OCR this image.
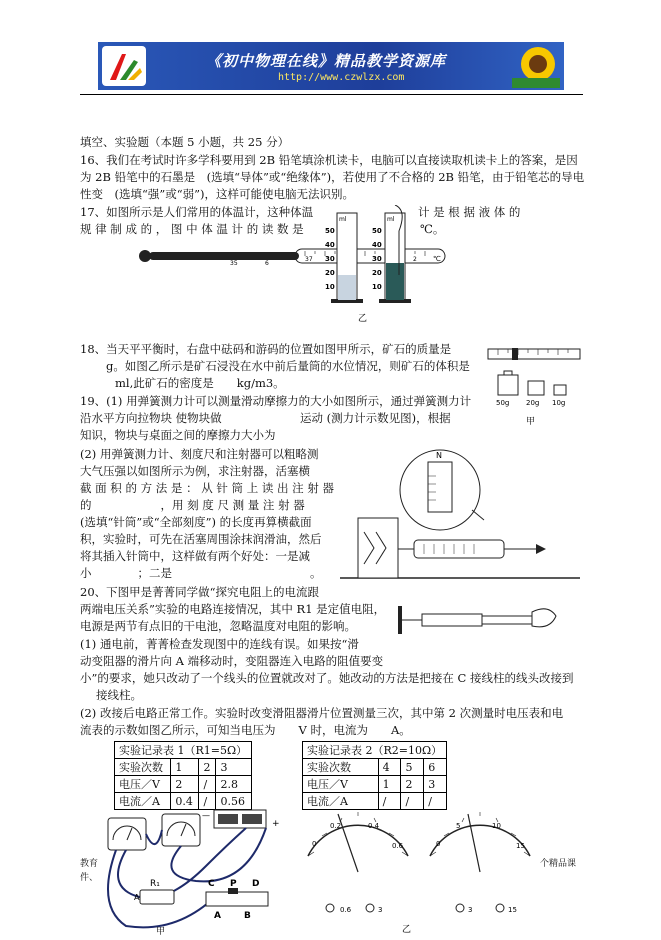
《初中物理在线》精品教学资源库
http://www.czwlzx.com
填空、实验题（本题 5 小题，共 25 分）
16、我们在考试时许多学科要用到 2B 铅笔填涂机读卡，电脑可以直接读取机读卡上的答案，是因
为 2B 铅笔中的石墨是　(选填“导体”或“绝缘体”)，若使用了不合格的 2B 铅笔，由于铅笔芯的导电
性变　(选填“强”或“弱”)，这样可能使电脑无法识别。
17、如图所示是人们常用的体温计，这种体温	计 是 根 据 液 体 的
规 律 制 成 的 ， 图 中 体 温 计 的 读 数 是	℃。
35	6
37	2 ℃
ml	ml
50
40
30
20
10
50
40
30
20
10
乙
18、当天平平衡时，右盘中砝码和游码的位置如图甲所示，矿石的质量是
g。如图乙所示是矿石浸没在水中前后量筒的水位情况，则矿石的体积是
ml,此矿石的密度是　　kg/m3。
50g 20g 10g
甲
19、(1) 用弹簧测力计可以测量滑动摩擦力的大小如图所示，通过弹簧测力计
沿水平方向拉物块 使物块做	运动 (测力计示数见图)，根据
知识，物块与桌面之间的摩擦力大小为
(2) 用弹簧测力计、刻度尺和注射器可以粗略测
大气压强以如图所示为例，求注射器，活塞横
截 面 积 的 方 法 是 ： 从 针 筒 上 读 出 注 射 器
的　　　　　　，用 刻 度 尺 测 量 注 射 器
(选填“针筒”或“全部刻度”) 的长度再算横截面
积，实验时，可先在活塞周围涂抹润滑油，然后
将其插入针筒中，这样做有两个好处：一是减
小　　　　；二是　　　　　　　　　　　　。
N
20、下图甲是菁菁同学做“探究电阻上的电流跟
两端电压关系”实验的电路连接情况，其中 R1 是定值电阻，
电源是两节有点旧的干电池，忽略温度对电阻的影响。
(1) 通电前，菁菁检查发现图中的连线有误。如果按“滑
动变阻器的滑片向 A 端移动时，变阻器连入电路的阻值要变
小”的要求，她只改动了一个线头的位置就改对了。她改动的方法是把接在 C 接线柱的线头改接到
接线柱。
(2) 改接后电路正常工作。实验时改变滑阻器滑片位置测量三次，其中第 2 次测量时电压表和电
流表的示数如图乙所示，可知当电压为　　V 时，电流为　　A。
实验记录表 1（R1=5Ω）			
实验次数	1	2	3
电压／V	2	/	2.8
电流／A	0.4	/	0.56
实验记录表 2（R2=10Ω）			
实验次数	4	5	6
电压／V	1	2	3
电流／A	/	/	/
+
—
R₁
A
C P D
A	B
甲
0
0.2	0.4
0.6
0.6	3
0
5	10
15
3	15
乙
教育
件、
个精品课
